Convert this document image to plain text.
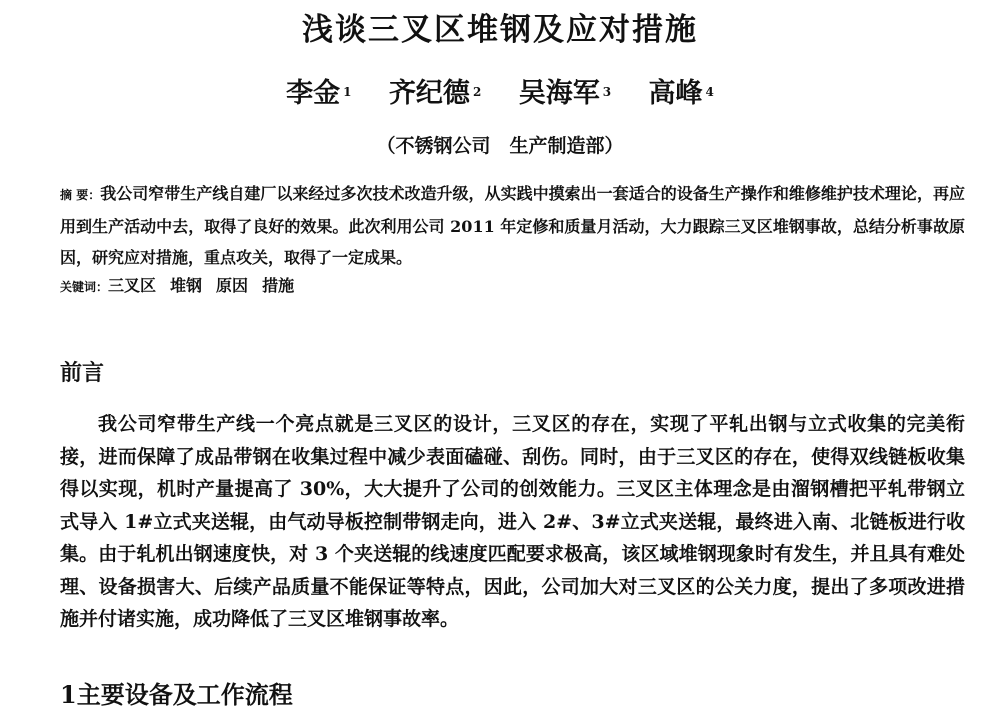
浅谈三叉区堆钢及应对措施
李金 $^1$ 齐纪德 $^2$ 吴海军 $^3$ 高峰 $^4$
（不锈钢公司　生产制造部）
摘 要：我公司窄带生产线自建厂以来经过多次技术改造升级，从实践中摸索出一套适合的设备生产操作和维修维护技术理论，再应用到生产活动中去，取得了良好的效果。此次利用公司 2011 年定修和质量月活动，大力跟踪三叉区堆钢事故，总结分析事故原因，研究应对措施，重点攻关，取得了一定成果。
关键词：三叉区 堆钢 原因 措施
前言
我公司窄带生产线一个亮点就是三叉区的设计，三叉区的存在，实现了平轧出钢与立式收集的完美衔接，进而保障了成品带钢在收集过程中减少表面磕碰、刮伤。同时，由于三叉区的存在，使得双线链板收集得以实现，机时产量提高了 30%，大大提升了公司的创效能力。三叉区主体理念是由溜钢槽把平轧带钢立式导入 1#立式夹送辊，由气动导板控制带钢走向，进入 2#、3#立式夹送辊，最终进入南、北链板进行收集。由于轧机出钢速度快，对 3 个夹送辊的线速度匹配要求极高，该区域堆钢现象时有发生，并且具有难处理、设备损害大、后续产品质量不能保证等特点，因此，公司加大对三叉区的公关力度，提出了多项改进措施并付诸实施，成功降低了三叉区堆钢事故率。
1主要设备及工作流程
